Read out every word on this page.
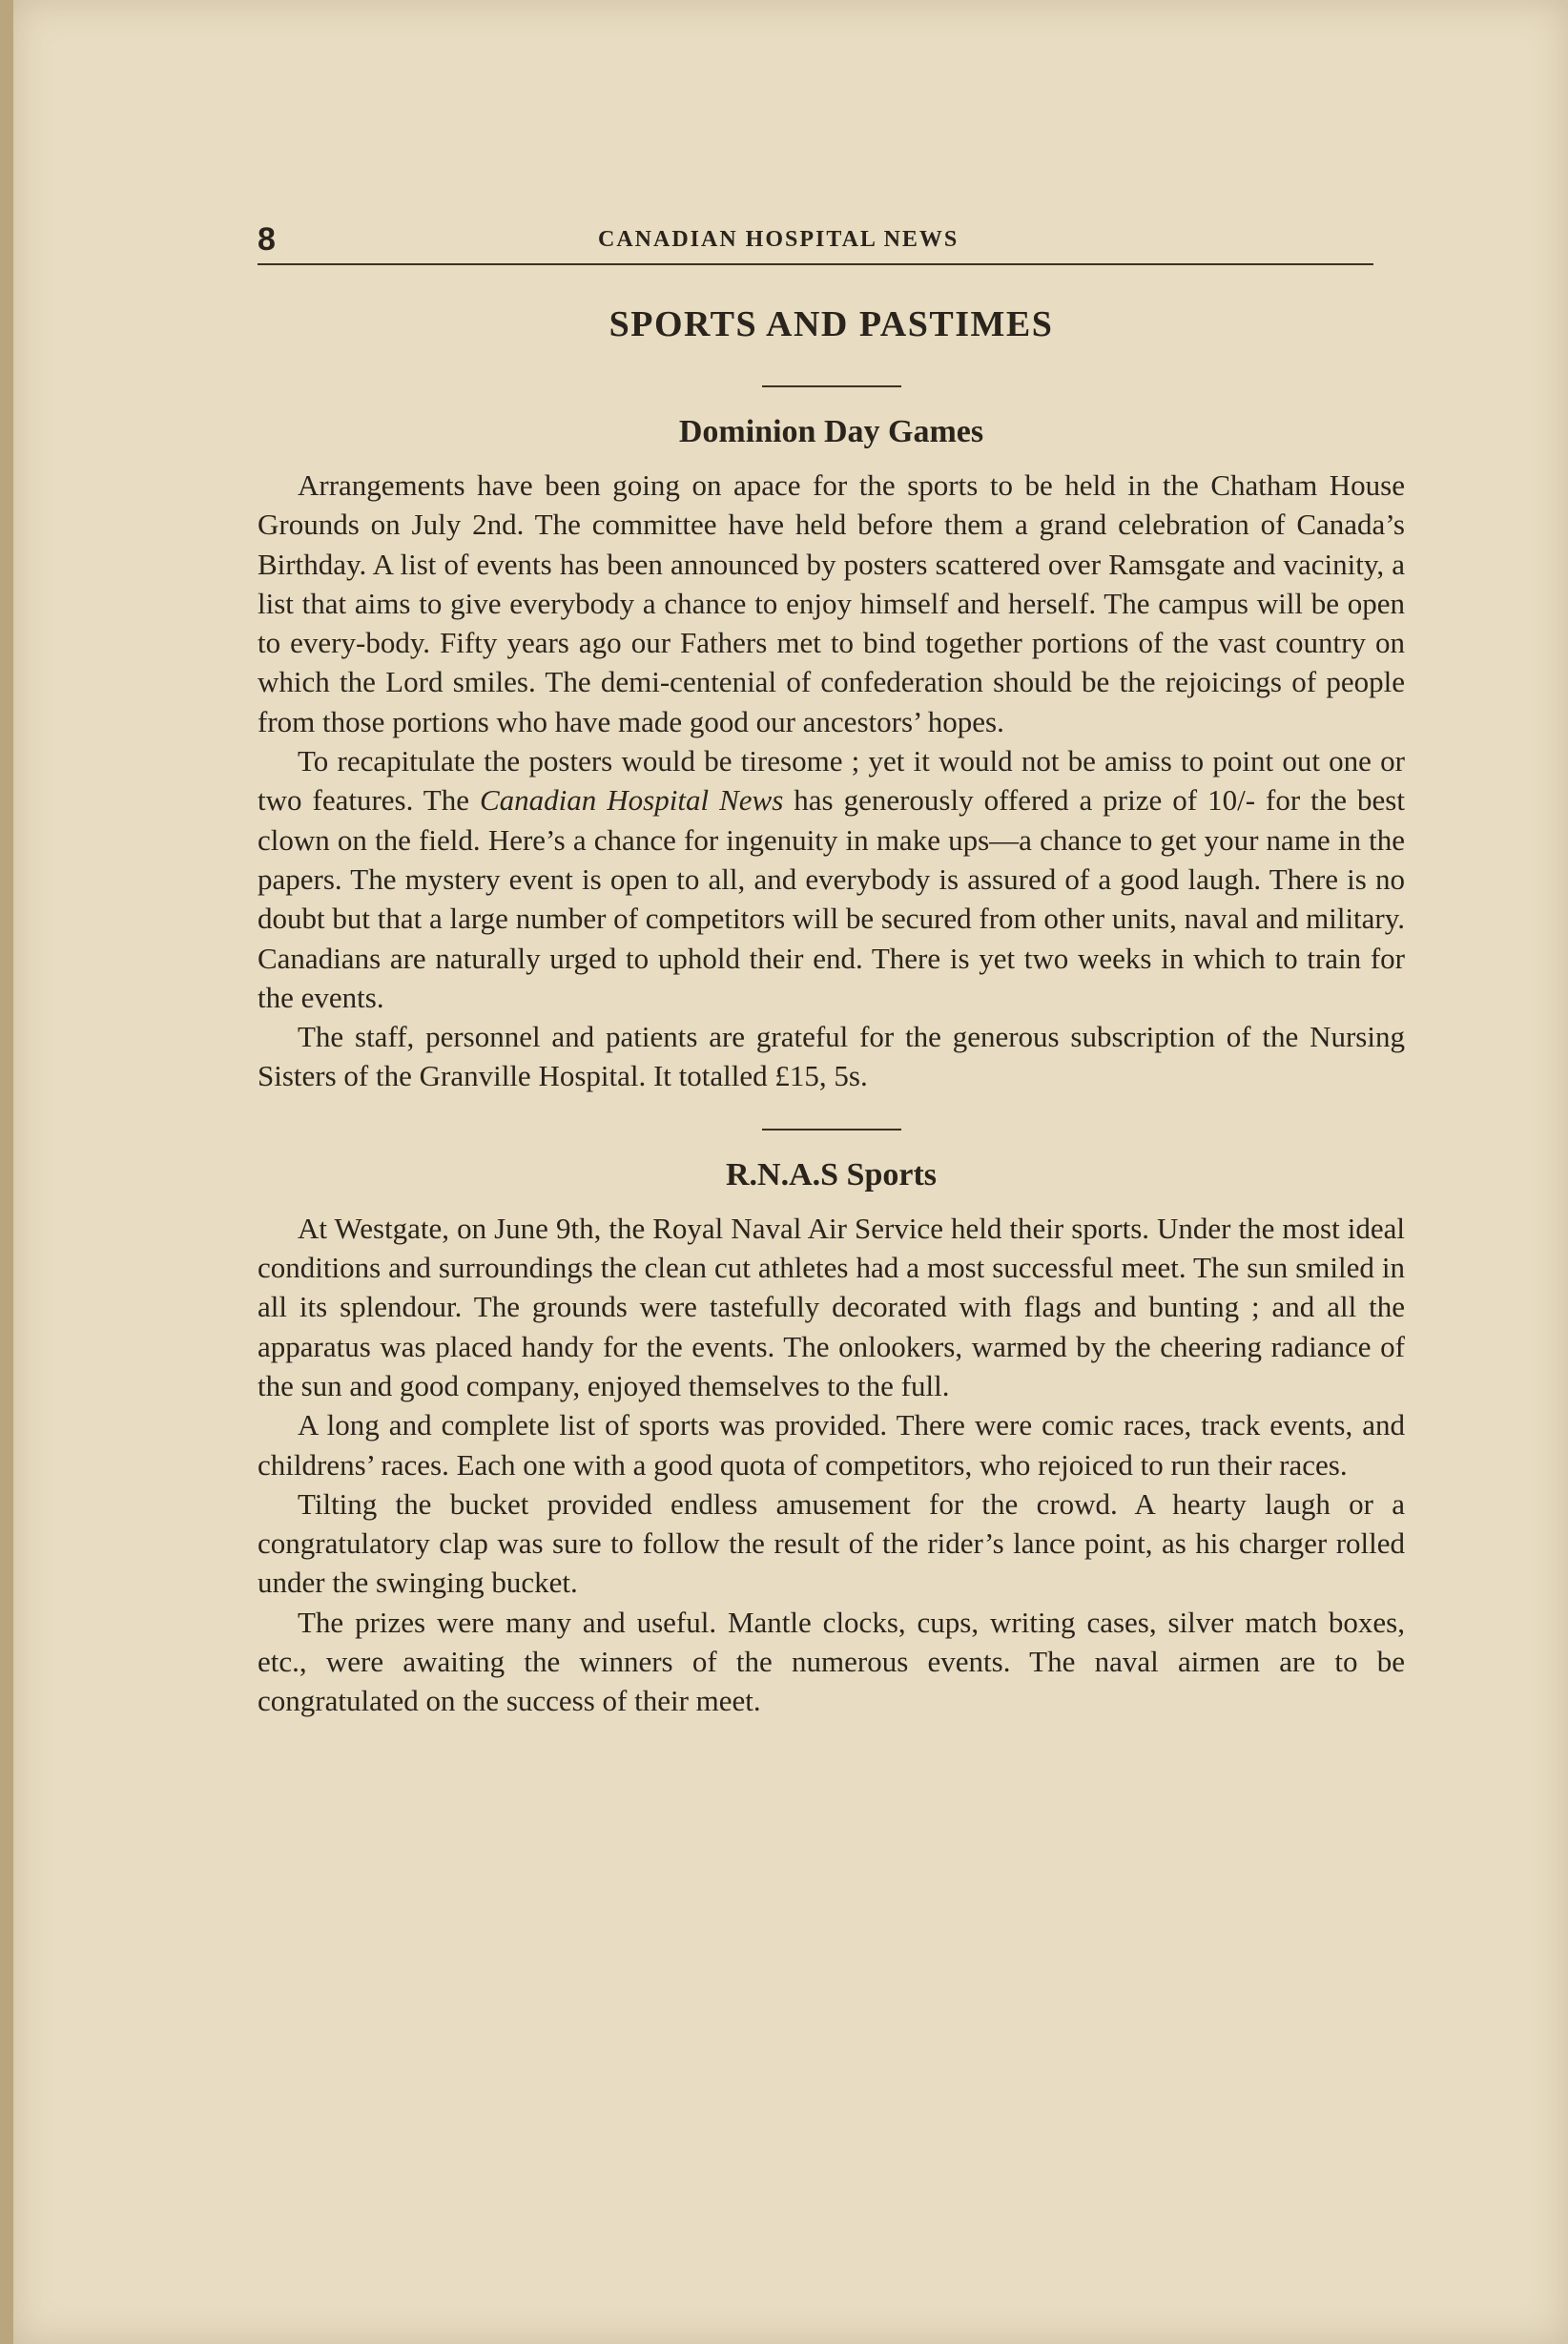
8	CANADIAN HOSPITAL NEWS
SPORTS AND PASTIMES
Dominion Day Games

Arrangements have been going on apace for the sports to be held in the Chatham House Grounds on July 2nd. The committee have held before them a grand celebration of Canada’s Birthday. A list of events has been announced by posters scattered over Ramsgate and vacinity, a list that aims to give everybody a chance to enjoy himself and herself. The campus will be open to every-body. Fifty years ago our Fathers met to bind together portions of the vast country on which the Lord smiles. The demi-centenial of confederation should be the rejoicings of people from those portions who have made good our ancestors’ hopes.

To recapitulate the posters would be tiresome ; yet it would not be amiss to point out one or two features. The Canadian Hospital News has generously offered a prize of 10/- for the best clown on the field. Here’s a chance for ingenuity in make ups—a chance to get your name in the papers. The mystery event is open to all, and everybody is assured of a good laugh. There is no doubt but that a large number of competitors will be secured from other units, naval and military. Canadians are naturally urged to uphold their end. There is yet two weeks in which to train for the events.

The staff, personnel and patients are grateful for the generous subscription of the Nursing Sisters of the Granville Hospital. It totalled £15, 5s.

R.N.A.S Sports

At Westgate, on June 9th, the Royal Naval Air Service held their sports. Under the most ideal conditions and surroundings the clean cut athletes had a most successful meet. The sun smiled in all its splendour. The grounds were tastefully decorated with flags and bunting ; and all the apparatus was placed handy for the events. The onlookers, warmed by the cheering radiance of the sun and good company, enjoyed themselves to the full.

A long and complete list of sports was provided. There were comic races, track events, and childrens’ races. Each one with a good quota of competitors, who rejoiced to run their races.

Tilting the bucket provided endless amusement for the crowd. A hearty laugh or a congratulatory clap was sure to follow the result of the rider’s lance point, as his charger rolled under the swinging bucket.

The prizes were many and useful. Mantle clocks, cups, writing cases, silver match boxes, etc., were awaiting the winners of the numerous events. The naval airmen are to be congratulated on the success of their meet.
